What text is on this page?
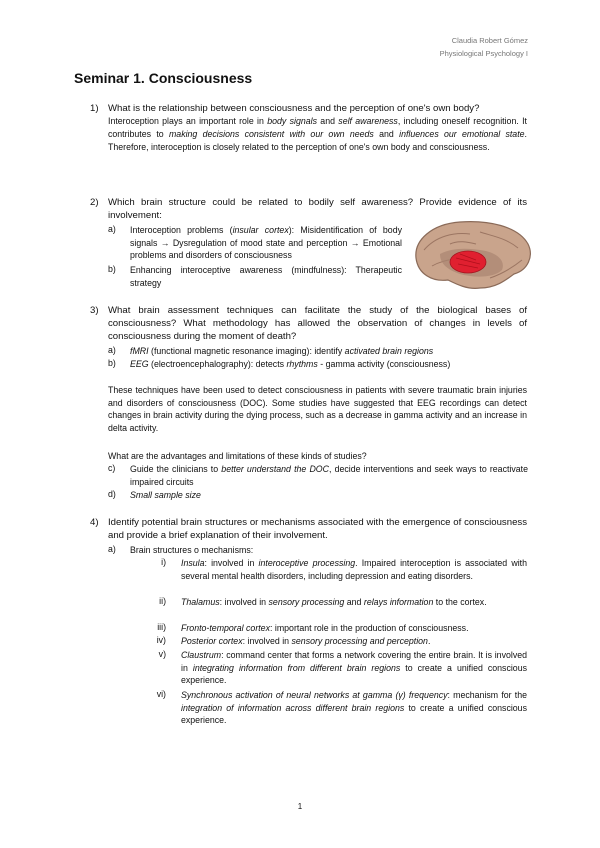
Claudia Robert Gómez
Physiological Psychology I
Seminar 1. Consciousness
1) What is the relationship between consciousness and the perception of one's own body?

Interoception plays an important role in body signals and self awareness, including oneself recognition. It contributes to making decisions consistent with our own needs and influences our emotional state. Therefore, interoception is closely related to the perception of one's own body and consciousness.

2) Which brain structure could be related to bodily self awareness? Provide evidence of its involvement:
a) Interoception problems (insular cortex): Misidentification of body signals → Dysregulation of mood state and perception → Emotional problems and disorders of consciousness
b) Enhancing interoceptive awareness (mindfulness): Therapeutic strategy
3) What brain assessment techniques can facilitate the study of the biological bases of consciousness? What methodology has allowed the observation of changes in levels of consciousness during the moment of death?
a) fMRI (functional magnetic resonance imaging): identify activated brain regions
b) EEG (electroencephalography): detects rhythms - gamma activity (consciousness)
These techniques have been used to detect consciousness in patients with severe traumatic brain injuries and disorders of consciousness (DOC). Some studies have suggested that EEG recordings can detect changes in brain activity during the dying process, such as a decrease in gamma activity and an increase in delta activity.
What are the advantages and limitations of these kinds of studies?
c) Guide the clinicians to better understand the DOC, decide interventions and seek ways to reactivate impaired circuits
d) Small sample size
4) Identify potential brain structures or mechanisms associated with the emergence of consciousness and provide a brief explanation of their involvement.
a) Brain structures o mechanisms:
i) Insula: involved in interoceptive processing. Impaired interoception is associated with several mental health disorders, including depression and eating disorders.
ii) Thalamus: involved in sensory processing and relays information to the cortex.
iii) Fronto-temporal cortex: important role in the production of consciousness.
iv) Posterior cortex: involved in sensory processing and perception.
v) Claustrum: command center that forms a network covering the entire brain. It is involved in integrating information from different brain regions to create a unified conscious experience.
vi) Synchronous activation of neural networks at gamma (γ) frequency: mechanism for the integration of information across different brain regions to create a unified conscious experience.
1
